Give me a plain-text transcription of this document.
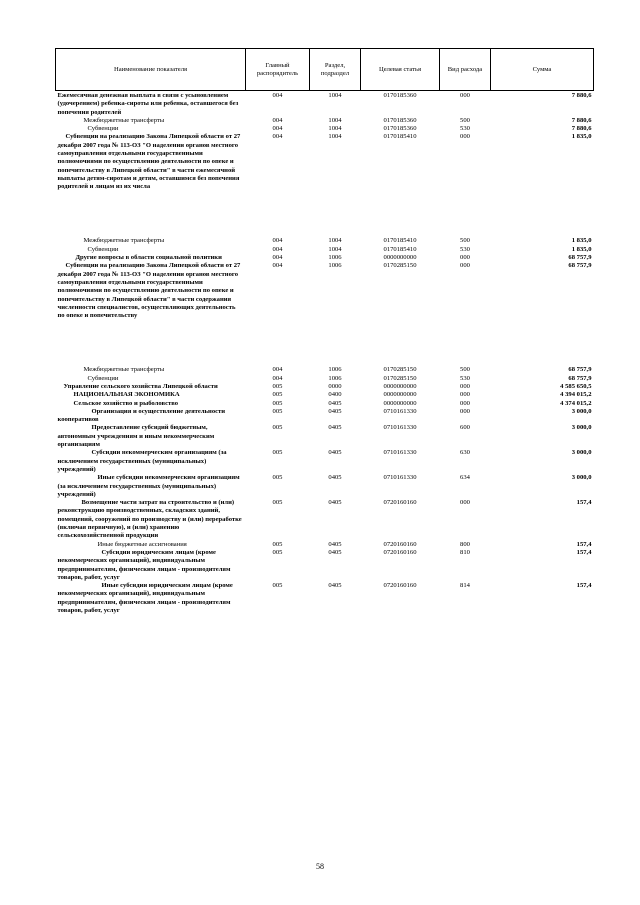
Наименование показателя	Главный распорядитель	Раздел, подраздел	Целевая статья	Вид расхода	Сумма
Ежемесячная денежная выплата в связи с усыновлением (удочерением) ребенка-сироты или ребенка, оставшегося без попечения родителей	004	1004	0170185360	000	7 880,6
Межбюджетные трансферты	004	1004	0170185360	500	7 880,6
Субвенции	004	1004	0170185360	530	7 880,6
Субвенции на реализацию Закона Липецкой области от 27 декабря 2007 года № 113-ОЗ "О наделении органов местного самоуправления отдельными государственными полномочиями по осуществлению деятельности по опеке и попечительству в Липецкой области" в части ежемесячной выплаты детям-сиротам и детям, оставшимся без попечения родителей и лицам из их числа	004	1004	0170185410	000	1 835,0
Межбюджетные трансферты	004	1004	0170185410	500	1 835,0
Субвенции	004	1004	0170185410	530	1 835,0
Другие вопросы в области социальной политики	004	1006	0000000000	000	68 757,9
Субвенции на реализацию Закона Липецкой области от 27 декабря 2007 года № 113-ОЗ "О наделении органов местного самоуправления отдельными государственными полномочиями по осуществлению деятельности по опеке и попечительству в Липецкой области" в части содержания численности специалистов, осуществляющих деятельность по опеке и попечительству	004	1006	0170285150	000	68 757,9
Межбюджетные трансферты	004	1006	0170285150	500	68 757,9
Субвенции	004	1006	0170285150	530	68 757,9
Управление сельского хозяйства Липецкой области	005	0000	0000000000	000	4 585 650,5
НАЦИОНАЛЬНАЯ ЭКОНОМИКА	005	0400	0000000000	000	4 394 015,2
Сельское хозяйство и рыболовство	005	0405	0000000000	000	4 374 015,2
Организация и осуществление деятельности кооперативов	005	0405	0710161330	000	3 000,0
Предоставление субсидий бюджетным, автономным учреждениям и иным некоммерческим организациям	005	0405	0710161330	600	3 000,0
Субсидии некоммерческим организациям (за исключением государственных (муниципальных) учреждений)	005	0405	0710161330	630	3 000,0
Иные субсидии некоммерческим организациям (за исключением государственных (муниципальных) учреждений)	005	0405	0710161330	634	3 000,0
Возмещение части затрат на строительство и (или) реконструкцию производственных, складских зданий, помещений, сооружений по производству и (или) переработке (включая первичную), и (или) хранению сельскохозяйственной продукции	005	0405	0720160160	000	157,4
Иные бюджетные ассигнования	005	0405	0720160160	800	157,4
Субсидии юридическим лицам (кроме некоммерческих организаций), индивидуальным предпринимателям, физическим лицам - производителям товаров, работ, услуг	005	0405	0720160160	810	157,4
Иные субсидии юридическим лицам (кроме некоммерческих организаций), индивидуальным предпринимателям, физическим лицам - производителям товаров, работ, услуг	005	0405	0720160160	814	157,4
58
